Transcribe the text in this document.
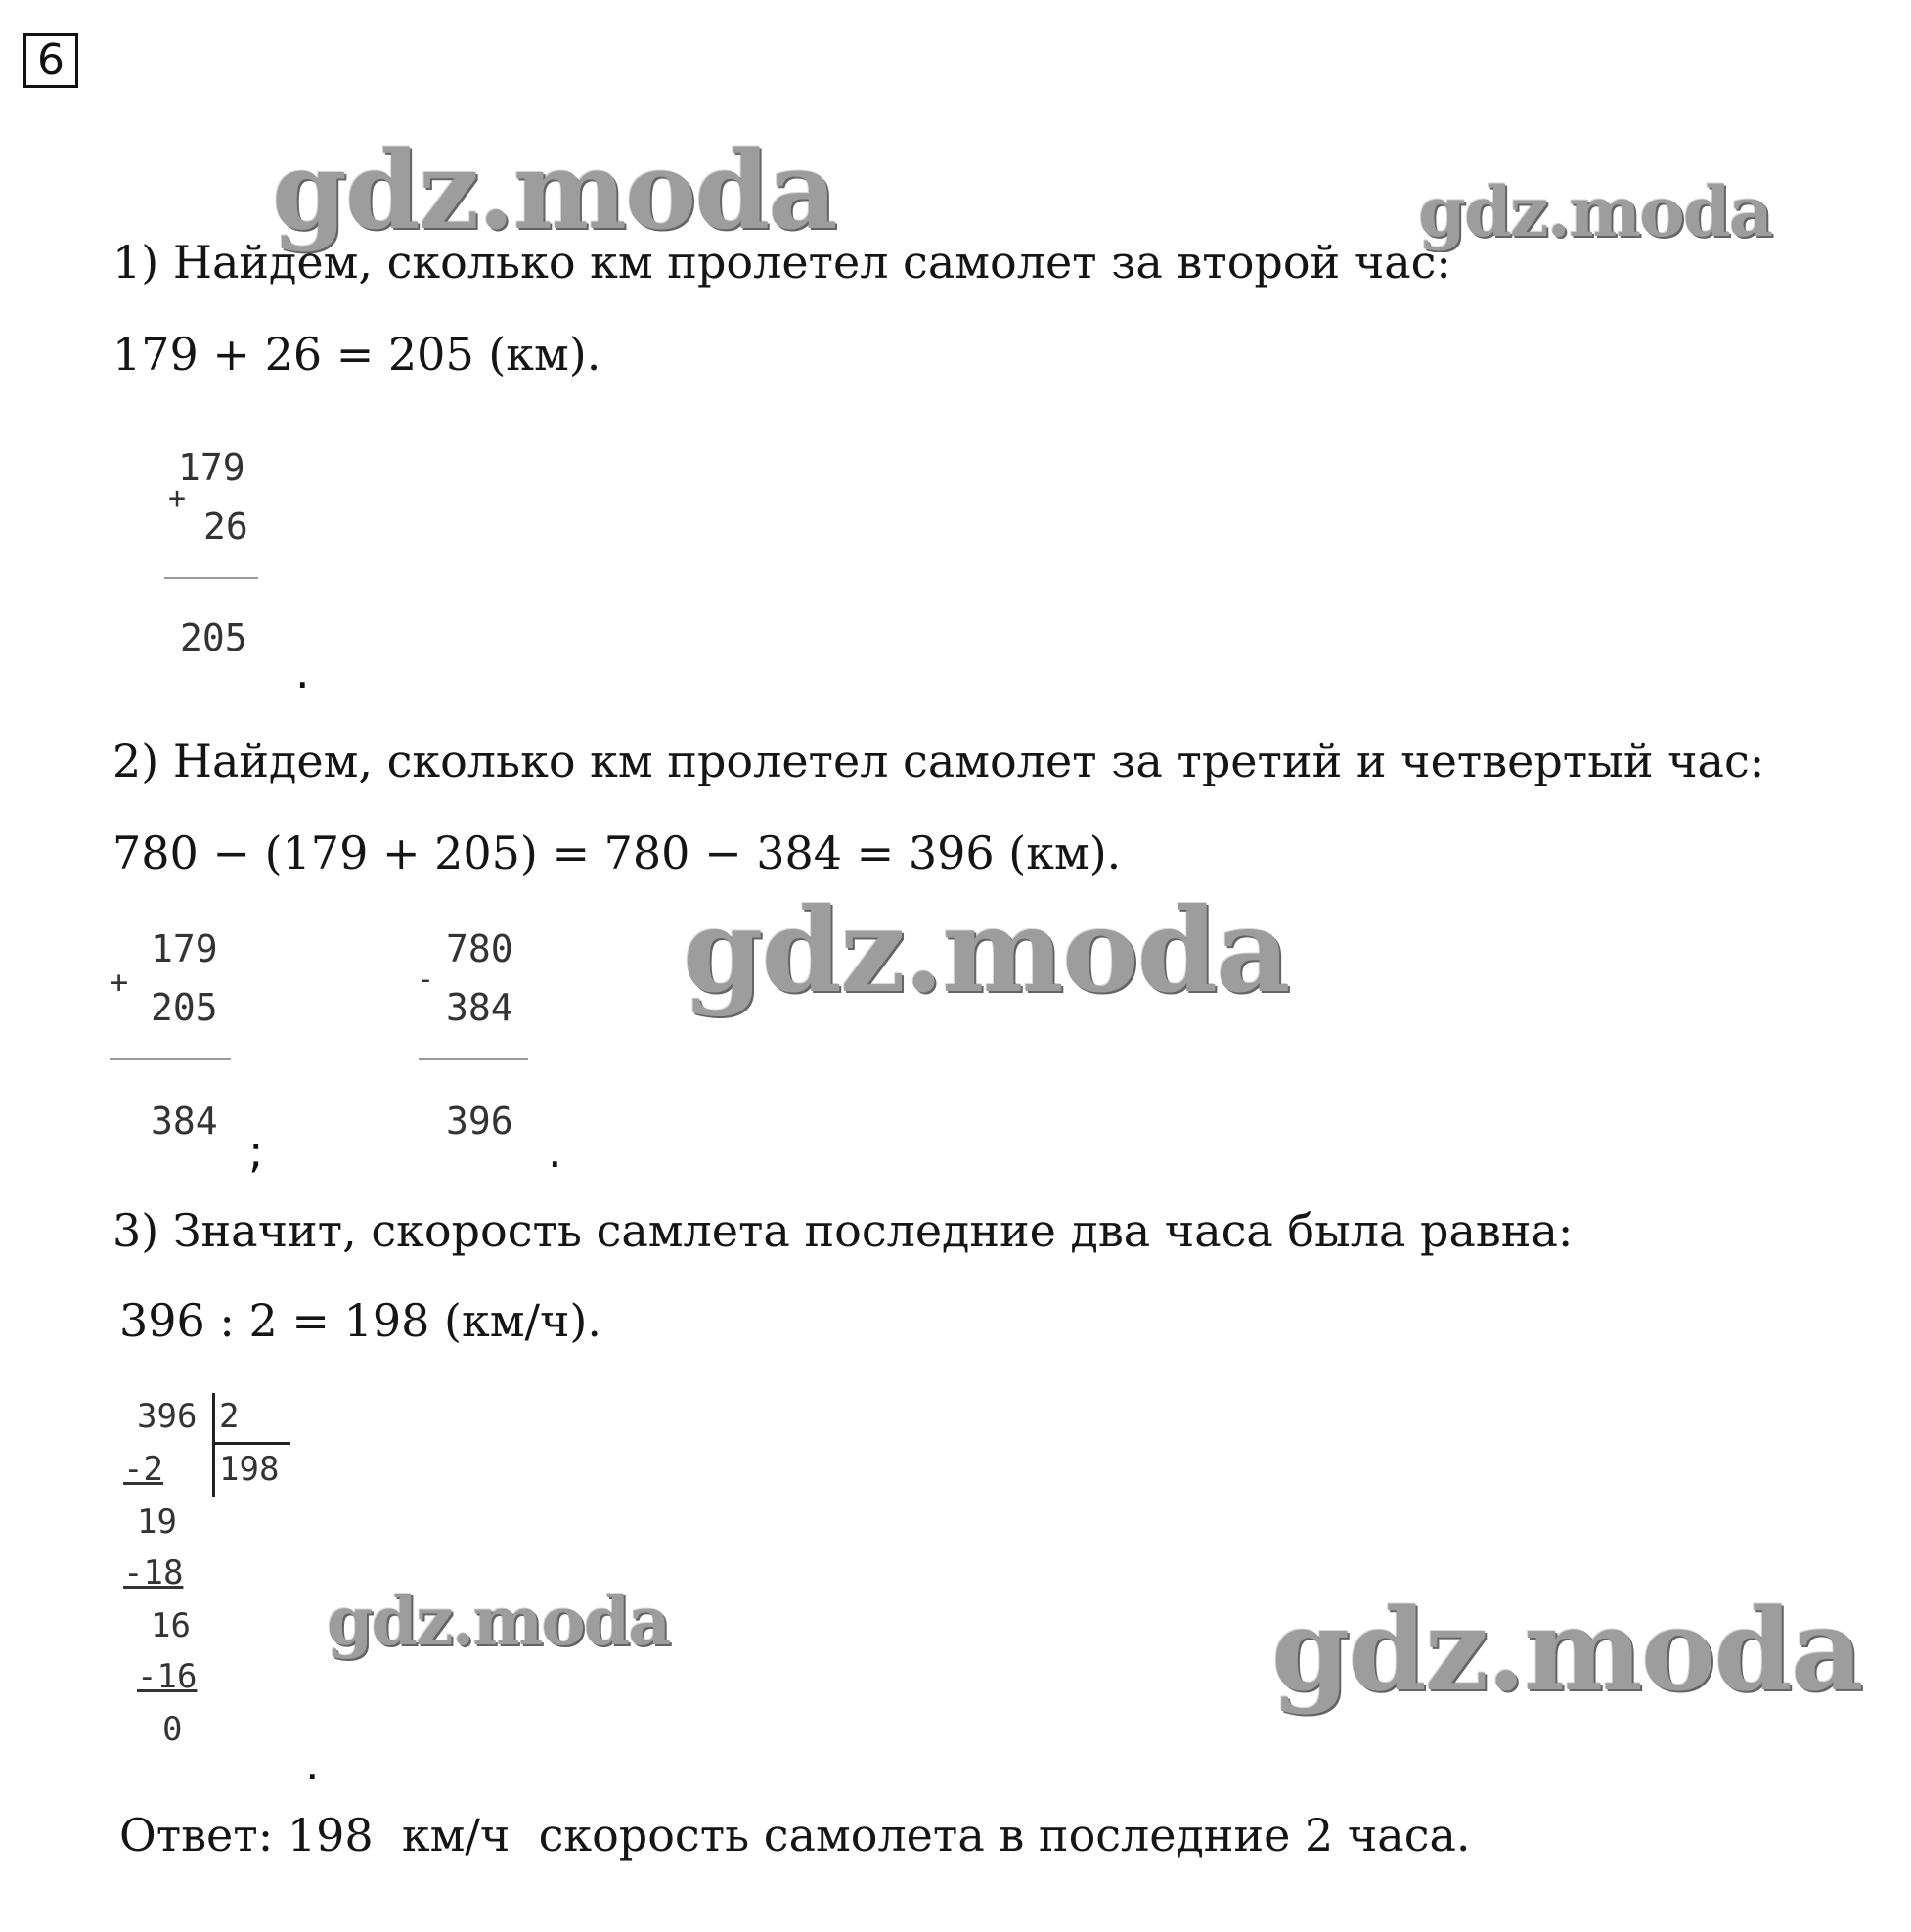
6
gdz.moda	gdz.moda
gdz.moda
gdz.moda	gdz.moda
1) Найдем, сколько км пролетел самолет за второй час:
179 + 26 = 205 (км).
+
179
26
205
.
2) Найдем, сколько км пролетел самолет за третий и четвертый час:
780 − (179 + 205) = 780 − 384 = 396 (км).
+
179
205
384
;
-
780
384
396
.
3) Значит, скорость самлета последние два часа была равна:
396 : 2 = 198 (км/ч).
396 2
198
-2
19
-18
16
-16
0
.
Ответ: 198  км/ч  скорость самолета в последние 2 часа.
